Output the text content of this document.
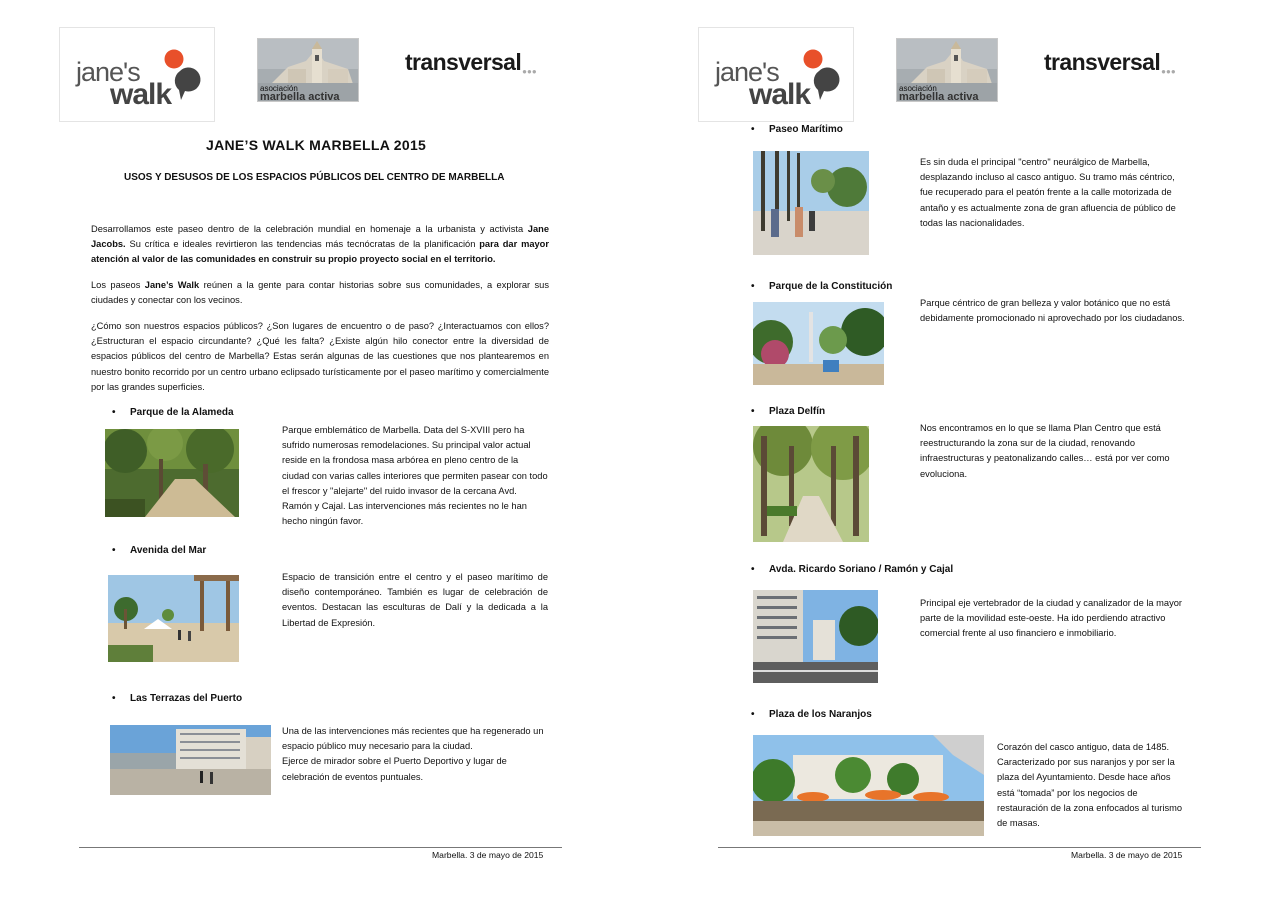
jane's
walk	asociación
marbella activa
transversal●●●
JANE’S WALK MARBELLA 2015
USOS Y DESUSOS DE LOS ESPACIOS PÚBLICOS DEL CENTRO DE MARBELLA
Desarrollamos este paseo dentro de la celebración mundial en homenaje a la urbanista y activista Jane Jacobs. Su crítica e ideales revirtieron las tendencias más tecnócratas de la planificación para dar mayor atención al valor de las comunidades en construir su propio proyecto social en el territorio.
Los paseos Jane’s Walk reúnen a la gente para contar historias sobre sus comunidades, a explorar sus ciudades y conectar con los vecinos.
¿Cómo son nuestros espacios públicos? ¿Son lugares de encuentro o de paso? ¿Interactuamos con ellos? ¿Estructuran el espacio circundante? ¿Qué les falta? ¿Existe algún hilo conector entre la diversidad de espacios públicos del centro de Marbella? Estas serán algunas de las cuestiones que nos plantearemos en nuestro bonito recorrido por un centro urbano eclipsado turísticamente por el paseo marítimo y comercialmente por las grandes superficies.
• Parque de la Alameda
Parque emblemático de Marbella. Data del S-XVIII pero ha sufrido numerosas remodelaciones. Su principal valor actual reside en la frondosa masa arbórea en pleno centro de la ciudad con varias calles interiores que permiten pasear con todo el frescor y "alejarte" del ruido invasor de la cercana Avd. Ramón y Cajal. Las intervenciones más recientes no le han hecho ningún favor.
• Avenida del Mar
Espacio de transición entre el centro y el paseo marítimo de diseño contemporáneo. También es lugar de celebración de eventos. Destacan las esculturas de Dalí y la dedicada a la Libertad de Expresión.
• Las Terrazas del Puerto
Una de las intervenciones más recientes que ha regenerado un espacio público muy necesario para la ciudad.
Ejerce de mirador sobre el Puerto Deportivo y lugar de celebración de eventos puntuales.
Marbella. 3 de mayo de 2015
jane's
walk	asociación
marbella activa
transversal●●●
• Paseo Marítimo
Es sin duda el principal "centro" neurálgico de Marbella, desplazando incluso al casco antiguo. Su tramo más céntrico, fue recuperado para el peatón frente a la calle motorizada de antaño y es actualmente zona de gran afluencia de público de todas las nacionalidades.
• Parque de la Constitución
Parque céntrico de gran belleza y valor botánico que no está debidamente promocionado ni aprovechado por los ciudadanos.
• Plaza Delfín
Nos encontramos en lo que se llama Plan Centro que está reestructurando la zona sur de la ciudad, renovando infraestructuras y peatonalizando calles… está por ver como evoluciona.
• Avda. Ricardo Soriano / Ramón y Cajal
Principal eje vertebrador de la ciudad y canalizador de la mayor parte de la movilidad este-oeste. Ha ido perdiendo atractivo comercial frente al uso financiero e inmobiliario.
• Plaza de los Naranjos
Corazón del casco antiguo, data de 1485. Caracterizado por sus naranjos y por ser la plaza del Ayuntamiento. Desde hace años está “tomada” por los negocios de restauración de la zona enfocados al turismo de masas.
Marbella. 3 de mayo de 2015
